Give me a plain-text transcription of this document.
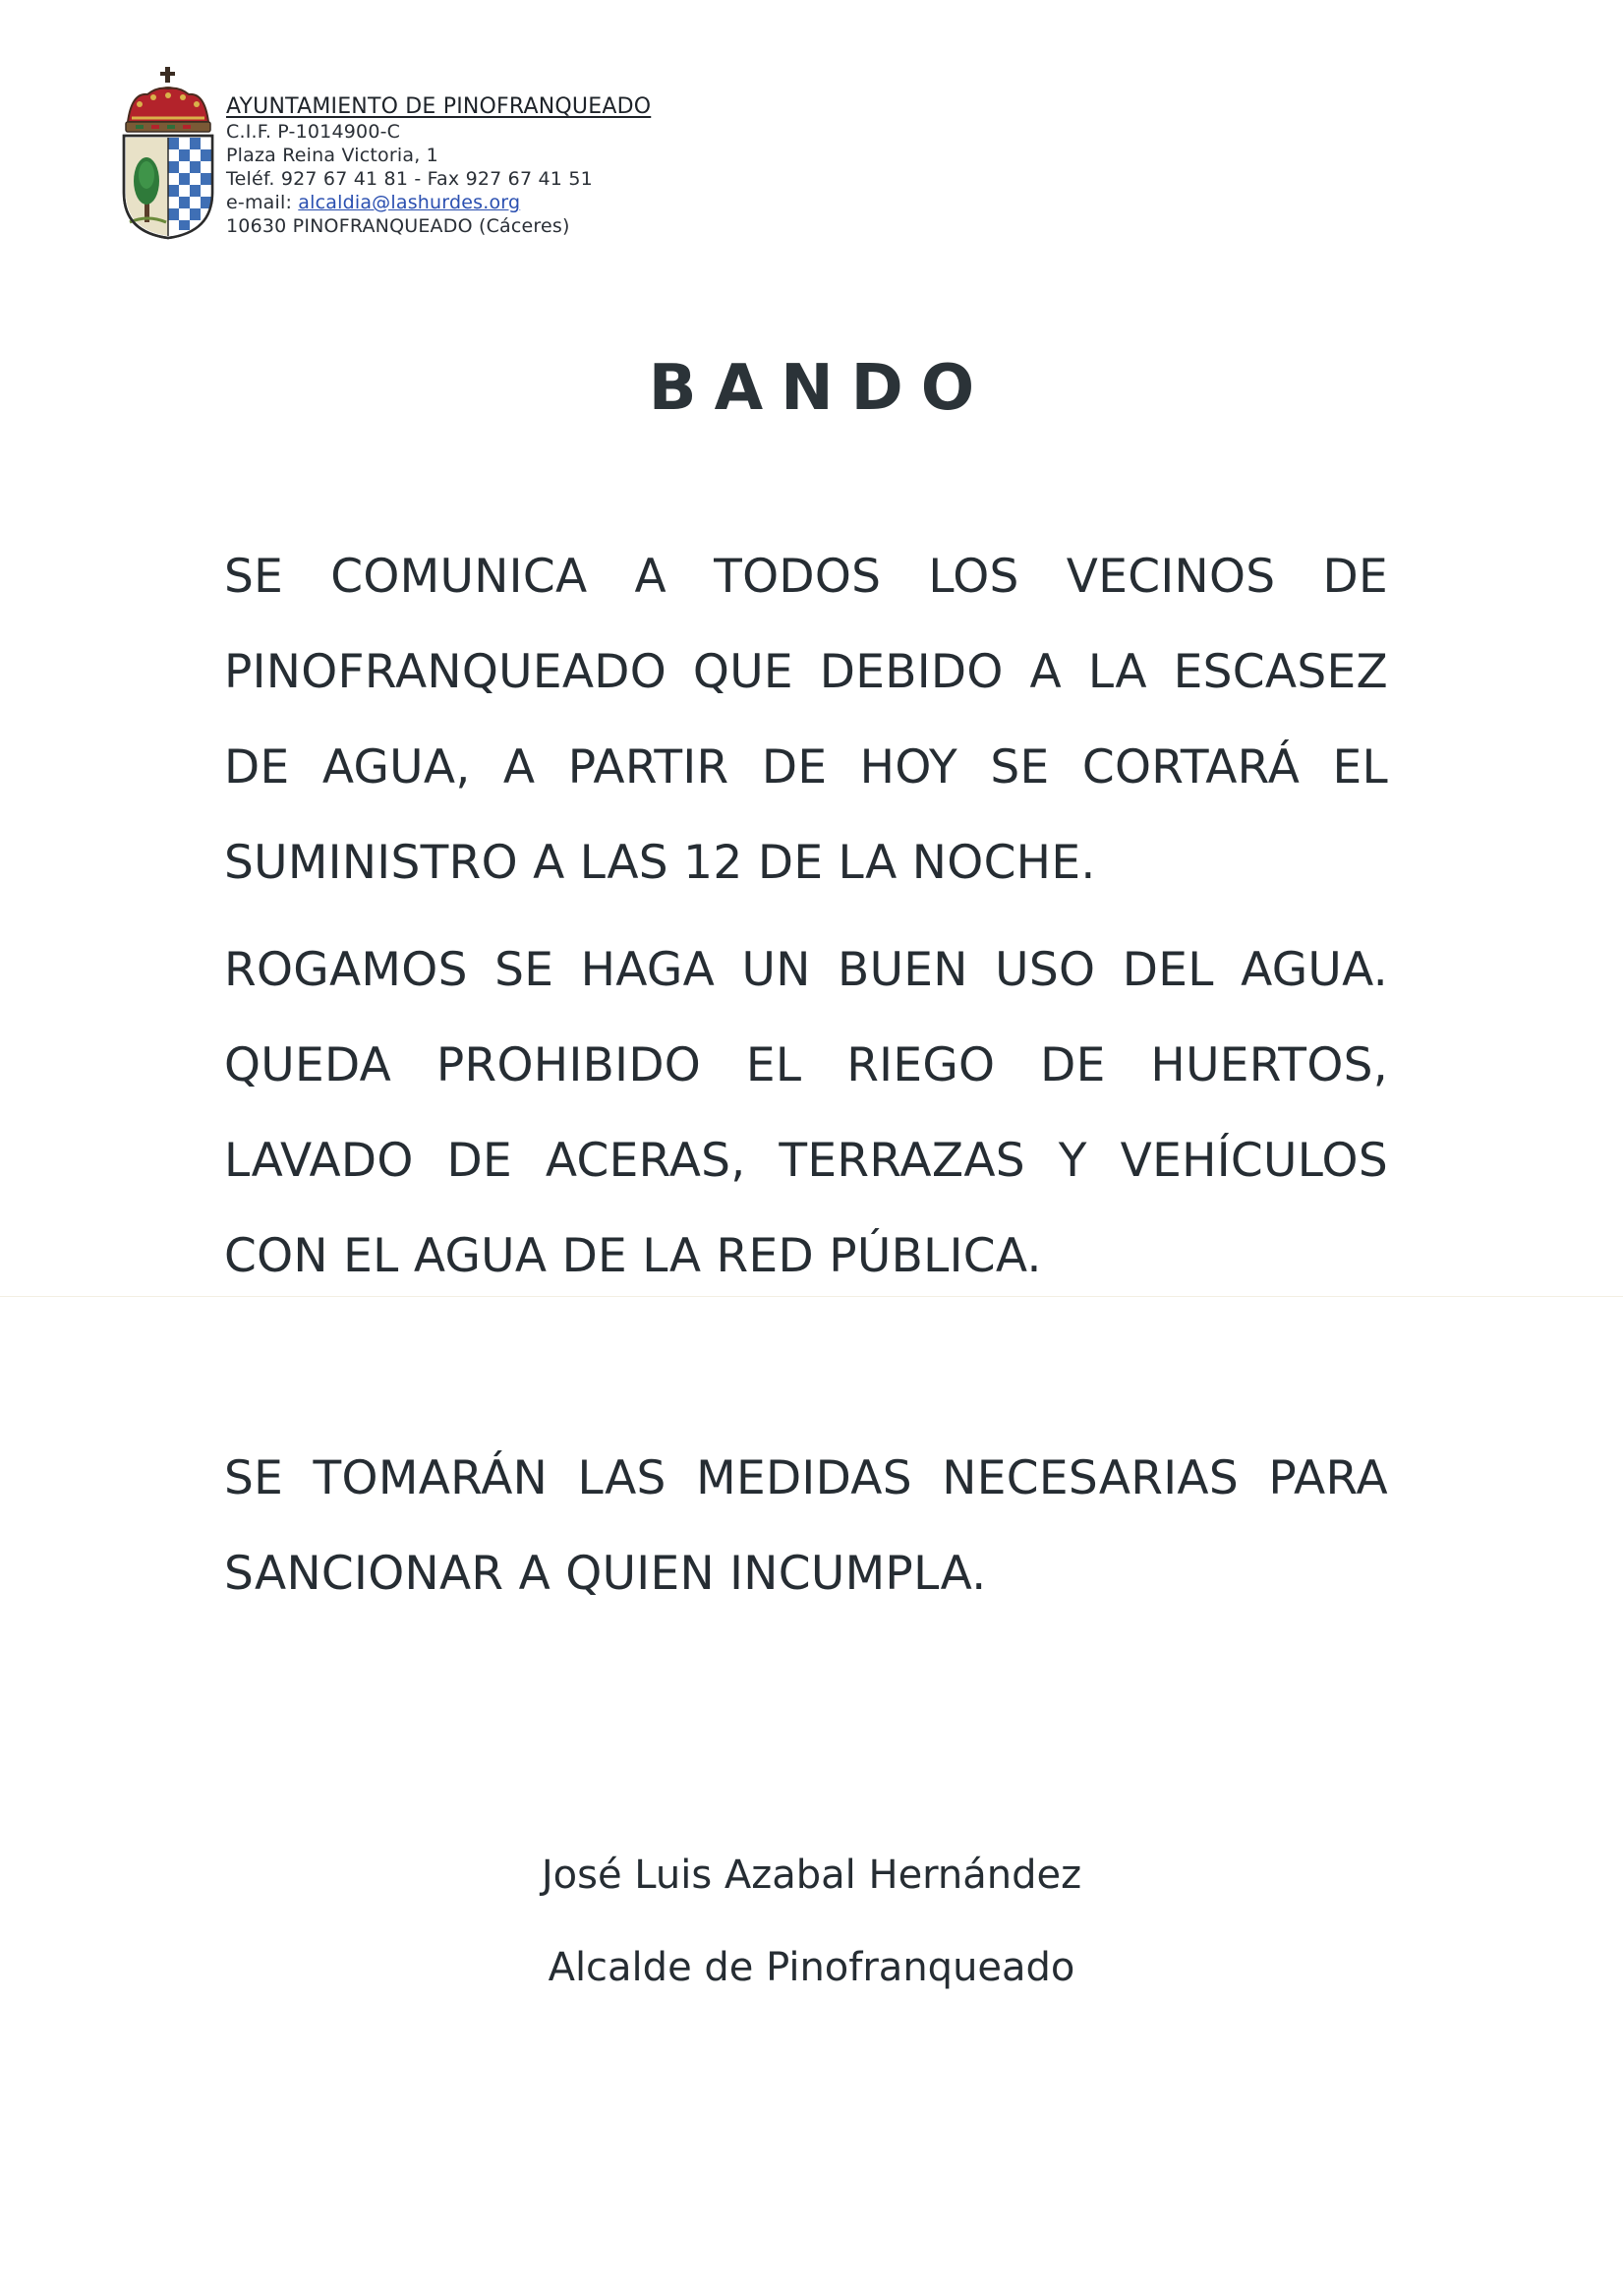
AYUNTAMIENTO DE PINOFRANQUEADO
C.I.F. P-1014900-C
Plaza Reina Victoria, 1
Teléf. 927 67 41 81 - Fax 927 67 41 51
e-mail: alcaldia@lashurdes.org
10630 PINOFRANQUEADO (Cáceres)
BANDO
SE COMUNICA A TODOS LOS VECINOS DE
PINOFRANQUEADO QUE DEBIDO A LA ESCASEZ
DE AGUA, A PARTIR DE HOY SE CORTARÁ EL
SUMINISTRO A LAS 12 DE LA NOCHE.
ROGAMOS SE HAGA UN BUEN USO DEL AGUA.
QUEDA PROHIBIDO EL RIEGO DE HUERTOS,
LAVADO DE ACERAS, TERRAZAS Y VEHÍCULOS
CON EL AGUA DE LA RED PÚBLICA.
SE TOMARÁN LAS MEDIDAS NECESARIAS PARA
SANCIONAR A QUIEN INCUMPLA.
José Luis Azabal Hernández
Alcalde de Pinofranqueado
